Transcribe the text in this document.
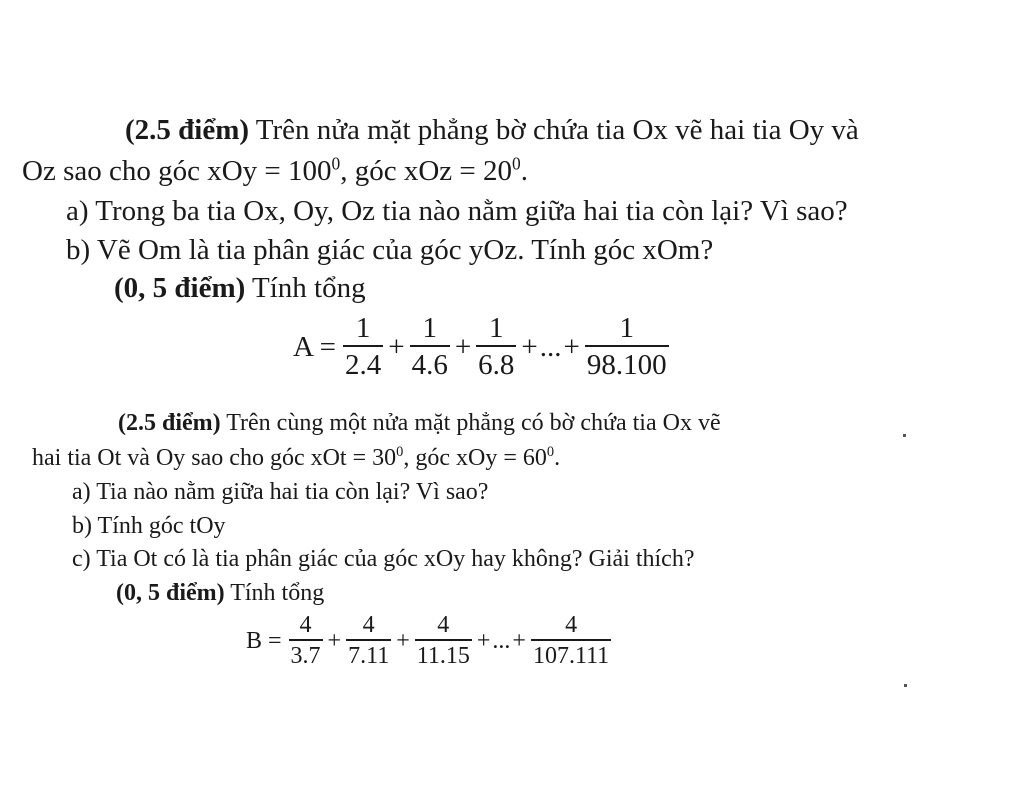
(2.5 điểm) Trên nửa mặt phẳng bờ chứa tia Ox vẽ hai tia Oy và
Oz sao cho góc xOy = $100^0$, góc xOz = $20^0$.
a) Trong ba tia Ox, Oy, Oz tia nào nằm giữa hai tia còn lại? Vì sao?
b) Vẽ Om là tia phân giác của góc yOz. Tính góc xOm?
(0, 5 điểm) Tính tổng
$A = \frac{1}{2.4} + \frac{1}{4.6} + \frac{1}{6.8}$ + ... + $\frac{1}{98.100}$
(2.5 điểm) Trên cùng một nửa mặt phẳng có bờ chứa tia Ox vẽ
hai tia Ot và Oy sao cho góc xOt = $30^0$, góc xOy = $60^0$.
a) Tia nào nằm giữa hai tia còn lại? Vì sao?
b) Tính góc tOy
c) Tia Ot có là tia phân giác của góc xOy hay không? Giải thích?
(0, 5 điểm) Tính tổng
$B = \frac{4}{3.7} + \frac{4}{7.11} + \frac{4}{11.15}$ + ... + $\frac{4}{107.111}$
